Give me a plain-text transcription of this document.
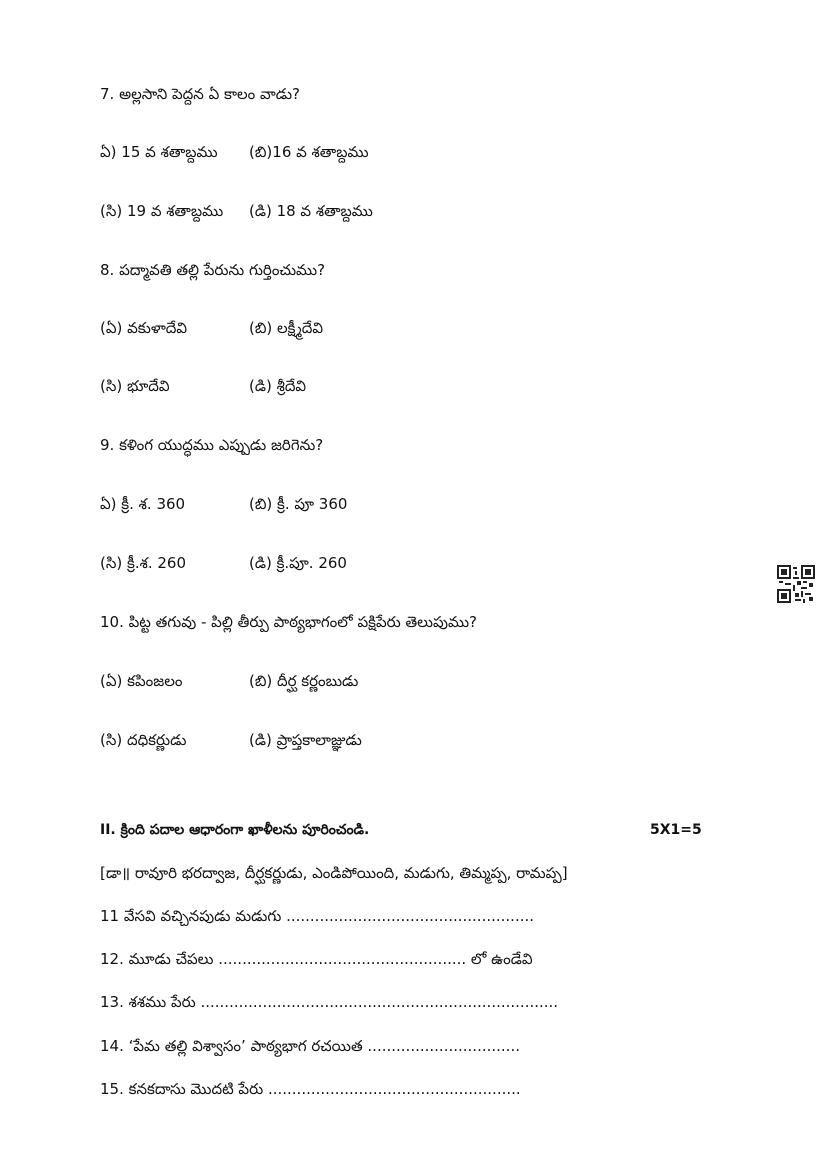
7. అల్లసాని పెద్దన ఏ కాలం వాడు?
ఏ) 15 వ శతాబ్దము (బి)16 వ శతాబ్దము
(సి) 19 వ శతాబ్దము (డి) 18 వ శతాబ్దము
8. పద్మావతి తల్లి పేరును గుర్తించుము?
(ఏ) వకుళాదేవి	(బి) లక్ష్మీదేవి
(సి) భూదేవి	(డి) శ్రీదేవి
9. కళింగ యుద్ధము ఎప్పుడు జరిగెను?
ఏ) క్రీ. శ. 360	(బి) క్రీ. పూ 360
(సి) క్రీ.శ. 260	(డి) క్రీ.పూ. 260
10. పిట్ట తగువు - పిల్లి తీర్పు పాఠ్యభాగంలో పక్షిపేరు తెలుపుము?
(ఏ) కపింజలం	(బి) దీర్ఘ కర్ణంబుడు
(సి) దధికర్ణుడు	(డి) ప్రాప్తకాలాజ్ఞుడు
II. క్రింది పదాల ఆధారంగా ఖాళీలను పూరించండి.	5X1=5
[డా॥ రావూరి భరద్వాజ, దీర్ఘకర్ణుడు, ఎండిపోయింది, మడుగు, తిమ్మప్ప, రామప్ప]
11 వేసవి వచ్చినపుడు మడుగు ....................................................
12. మూడు చేపలు .................................................... లో ఉండేవి
13. శశము పేరు ...........................................................................
14. ‘పేమ తల్లి విశ్వాసం’ పాఠ్యభాగ రచయిత ................................
15. కనకదాసు మొదటి పేరు .....................................................
